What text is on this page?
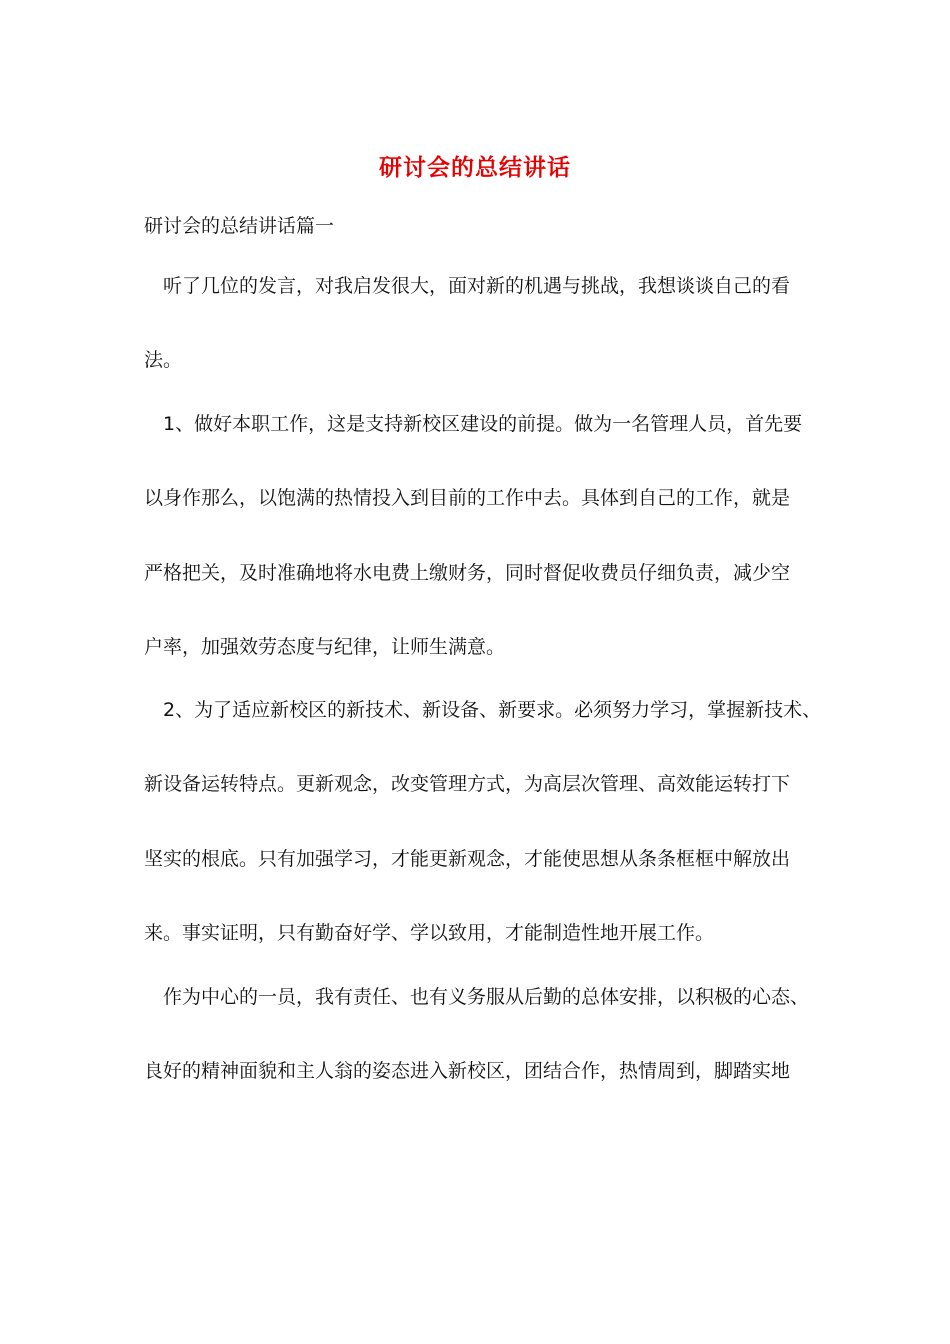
研讨会的总结讲话
研讨会的总结讲话篇一
听了几位的发言，对我启发很大，面对新的机遇与挑战，我想谈谈自己的看
法。
1、做好本职工作，这是支持新校区建设的前提。做为一名管理人员，首先要
以身作那么，以饱满的热情投入到目前的工作中去。具体到自己的工作，就是
严格把关，及时准确地将水电费上缴财务，同时督促收费员仔细负责，减少空
户率，加强效劳态度与纪律，让师生满意。
2、为了适应新校区的新技术、新设备、新要求。必须努力学习，掌握新技术、
新设备运转特点。更新观念，改变管理方式，为高层次管理、高效能运转打下
坚实的根底。只有加强学习，才能更新观念，才能使思想从条条框框中解放出
来。事实证明，只有勤奋好学、学以致用，才能制造性地开展工作。
作为中心的一员，我有责任、也有义务服从后勤的总体安排，以积极的心态、
良好的精神面貌和主人翁的姿态进入新校区，团结合作，热情周到，脚踏实地
